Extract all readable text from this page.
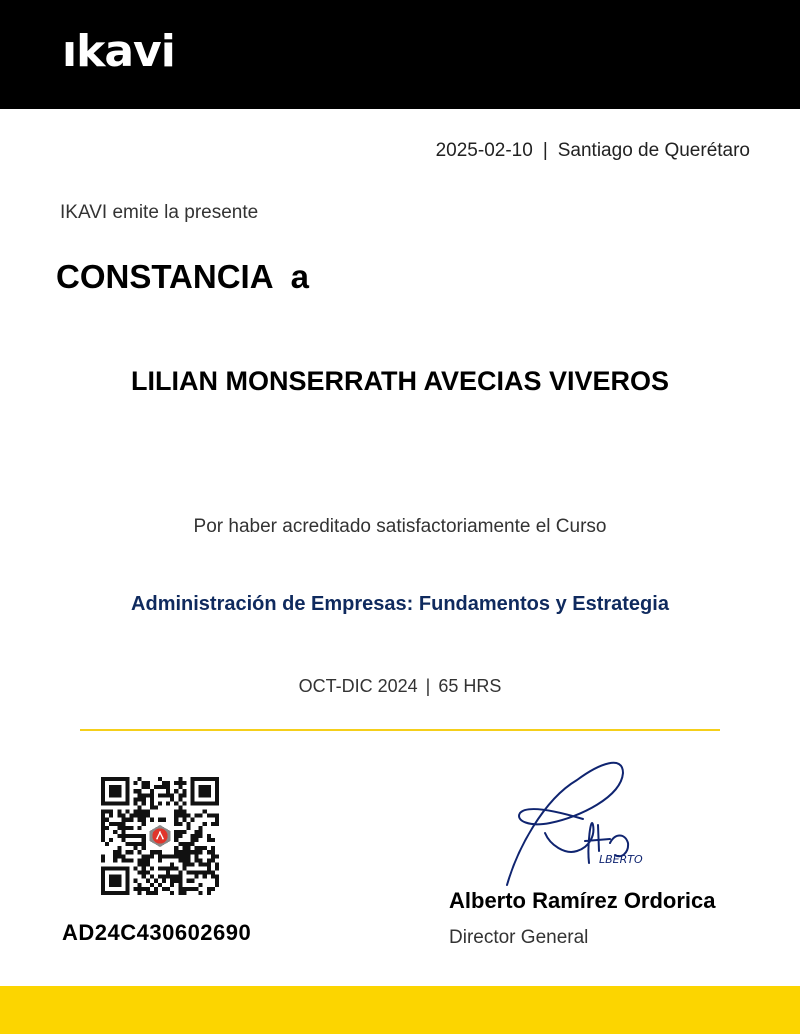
ıkavi
2025-02-10 | Santiago de Querétaro
IKAVI emite la presente
CONSTANCIA  a
LILIAN MONSERRATH AVECIAS VIVEROS
Por haber acreditado satisfactoriamente el Curso
Administración de Empresas: Fundamentos y Estrategia
OCT-DIC 2024 | 65 HRS
AD24C430602690
LBERTO
Alberto Ramírez Ordorica
Director General
